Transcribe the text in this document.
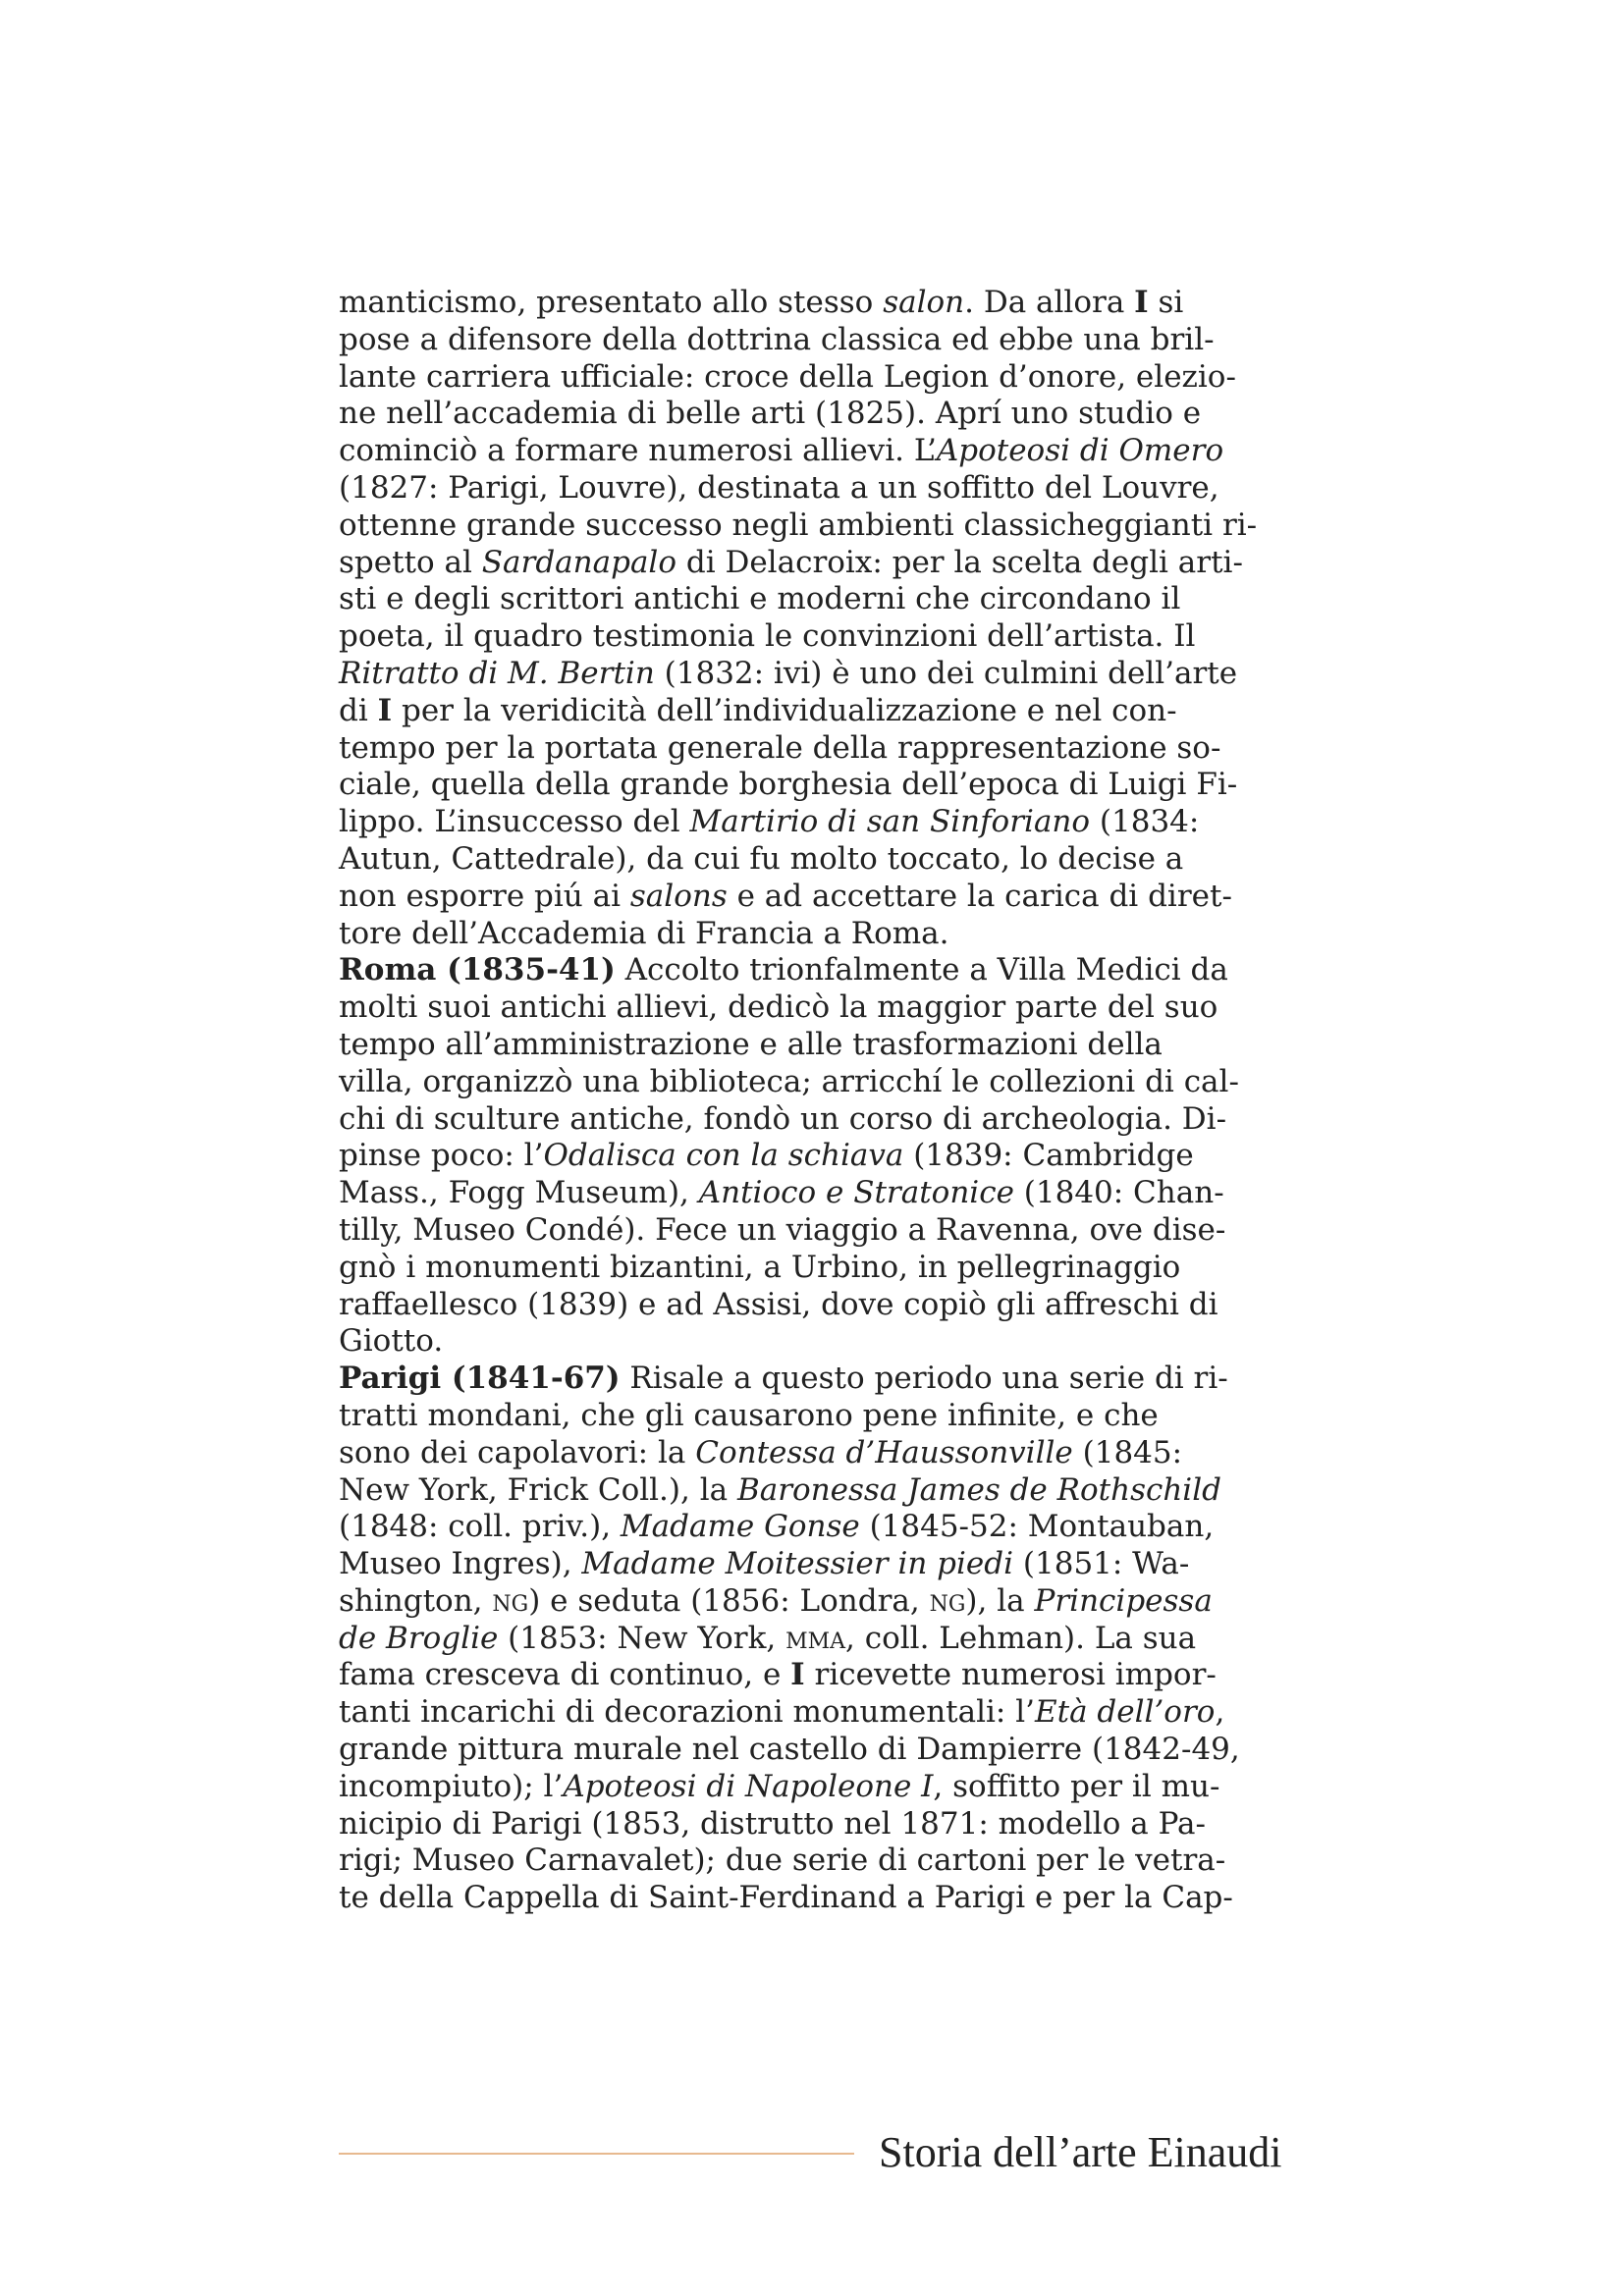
manticismo, presentato allo stesso salon. Da allora I si
pose a difensore della dottrina classica ed ebbe una bril-
lante carriera ufficiale: croce della Legion d’onore, elezio-
ne nell’accademia di belle arti (1825). Aprí uno studio e
cominciò a formare numerosi allievi. L’Apoteosi di Omero
(1827: Parigi, Louvre), destinata a un soffitto del Louvre,
ottenne grande successo negli ambienti classicheggianti ri-
spetto al Sardanapalo di Delacroix: per la scelta degli arti-
sti e degli scrittori antichi e moderni che circondano il
poeta, il quadro testimonia le convinzioni dell’artista. Il
Ritratto di M. Bertin (1832: ivi) è uno dei culmini dell’arte
di I per la veridicità dell’individualizzazione e nel con-
tempo per la portata generale della rappresentazione so-
ciale, quella della grande borghesia dell’epoca di Luigi Fi-
lippo. L’insuccesso del Martirio di san Sinforiano (1834:
Autun, Cattedrale), da cui fu molto toccato, lo decise a
non esporre piú ai salons e ad accettare la carica di diret-
tore dell’Accademia di Francia a Roma.
Roma (1835-41) Accolto trionfalmente a Villa Medici da
molti suoi antichi allievi, dedicò la maggior parte del suo
tempo all’amministrazione e alle trasformazioni della
villa, organizzò una biblioteca; arricchí le collezioni di cal-
chi di sculture antiche, fondò un corso di archeologia. Di-
pinse poco: l’Odalisca con la schiava (1839: Cambridge
Mass., Fogg Museum), Antioco e Stratonice (1840: Chan-
tilly, Museo Condé). Fece un viaggio a Ravenna, ove dise-
gnò i monumenti bizantini, a Urbino, in pellegrinaggio
raffaellesco (1839) e ad Assisi, dove copiò gli affreschi di
Giotto.
Parigi (1841-67) Risale a questo periodo una serie di ri-
tratti mondani, che gli causarono pene infinite, e che
sono dei capolavori: la Contessa d’Haussonville (1845:
New York, Frick Coll.), la Baronessa James de Rothschild
(1848: coll. priv.), Madame Gonse (1845-52: Montauban,
Museo Ingres), Madame Moitessier in piedi (1851: Wa-
shington, ng) e seduta (1856: Londra, ng), la Principessa
de Broglie (1853: New York, mma, coll. Lehman). La sua
fama cresceva di continuo, e I ricevette numerosi impor-
tanti incarichi di decorazioni monumentali: l’Età dell’oro,
grande pittura murale nel castello di Dampierre (1842-49,
incompiuto); l’Apoteosi di Napoleone I, soffitto per il mu-
nicipio di Parigi (1853, distrutto nel 1871: modello a Pa-
rigi; Museo Carnavalet); due serie di cartoni per le vetra-
te della Cappella di Saint-Ferdinand a Parigi e per la Cap-
Storia dell’arte Einaudi
